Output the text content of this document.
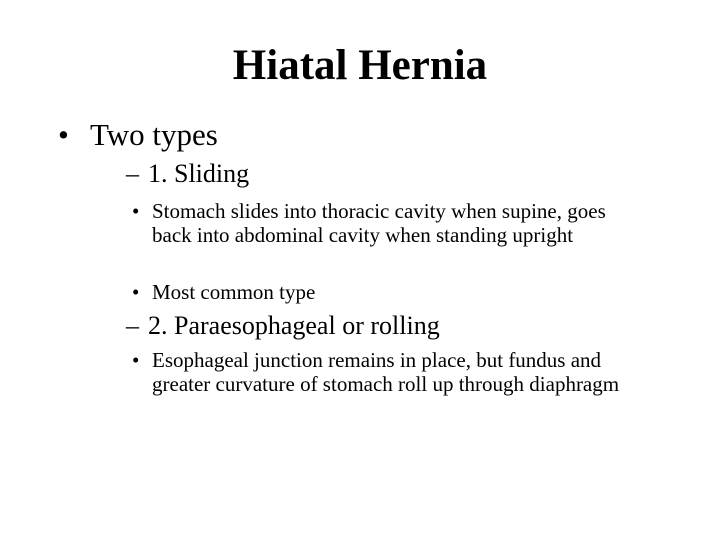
Hiatal Hernia
• Two types
– 1. Sliding
• Stomach slides into thoracic cavity when supine, goes back into abdominal cavity when standing upright
• Most common type
– 2. Paraesophageal or rolling
• Esophageal junction remains in place, but fundus and greater curvature of stomach roll up through diaphragm
